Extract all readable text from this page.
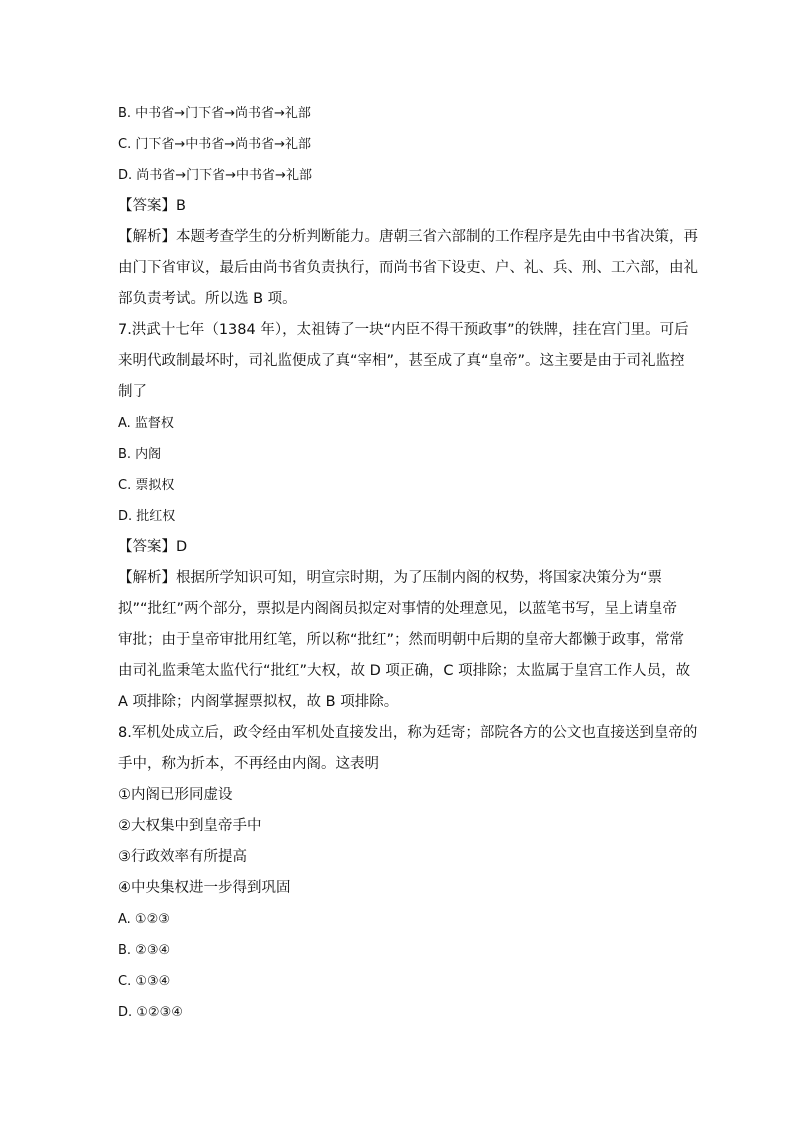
B. 中书省→门下省→尚书省→礼部
C. 门下省→中书省→尚书省→礼部
D. 尚书省→门下省→中书省→礼部
【答案】B
【解析】本题考查学生的分析判断能力。唐朝三省六部制的工作程序是先由中书省决策，再
由门下省审议，最后由尚书省负责执行，而尚书省下设吏、户、礼、兵、刑、工六部，由礼
部负责考试。所以选 B 项。
7.洪武十七年（1384 年），太祖铸了一块“内臣不得干预政事”的铁牌，挂在宫门里。可后
来明代政制最坏时，司礼监便成了真“宰相”，甚至成了真“皇帝”。这主要是由于司礼监控
制了
A. 监督权
B. 内阁
C. 票拟权
D. 批红权
【答案】D
【解析】根据所学知识可知，明宣宗时期，为了压制内阁的权势，将国家决策分为“票
拟”“批红”两个部分，票拟是内阁阁员拟定对事情的处理意见，以蓝笔书写，呈上请皇帝
审批；由于皇帝审批用红笔，所以称“批红”；然而明朝中后期的皇帝大都懒于政事，常常
由司礼监秉笔太监代行“批红”大权，故 D 项正确，C 项排除；太监属于皇宫工作人员，故
A 项排除；内阁掌握票拟权，故 B 项排除。
8.军机处成立后，政令经由军机处直接发出，称为廷寄；部院各方的公文也直接送到皇帝的
手中，称为折本，不再经由内阁。这表明
①内阁已形同虚设
②大权集中到皇帝手中
③行政效率有所提高
④中央集权进一步得到巩固
A. ①②③
B. ②③④
C. ①③④
D. ①②③④
